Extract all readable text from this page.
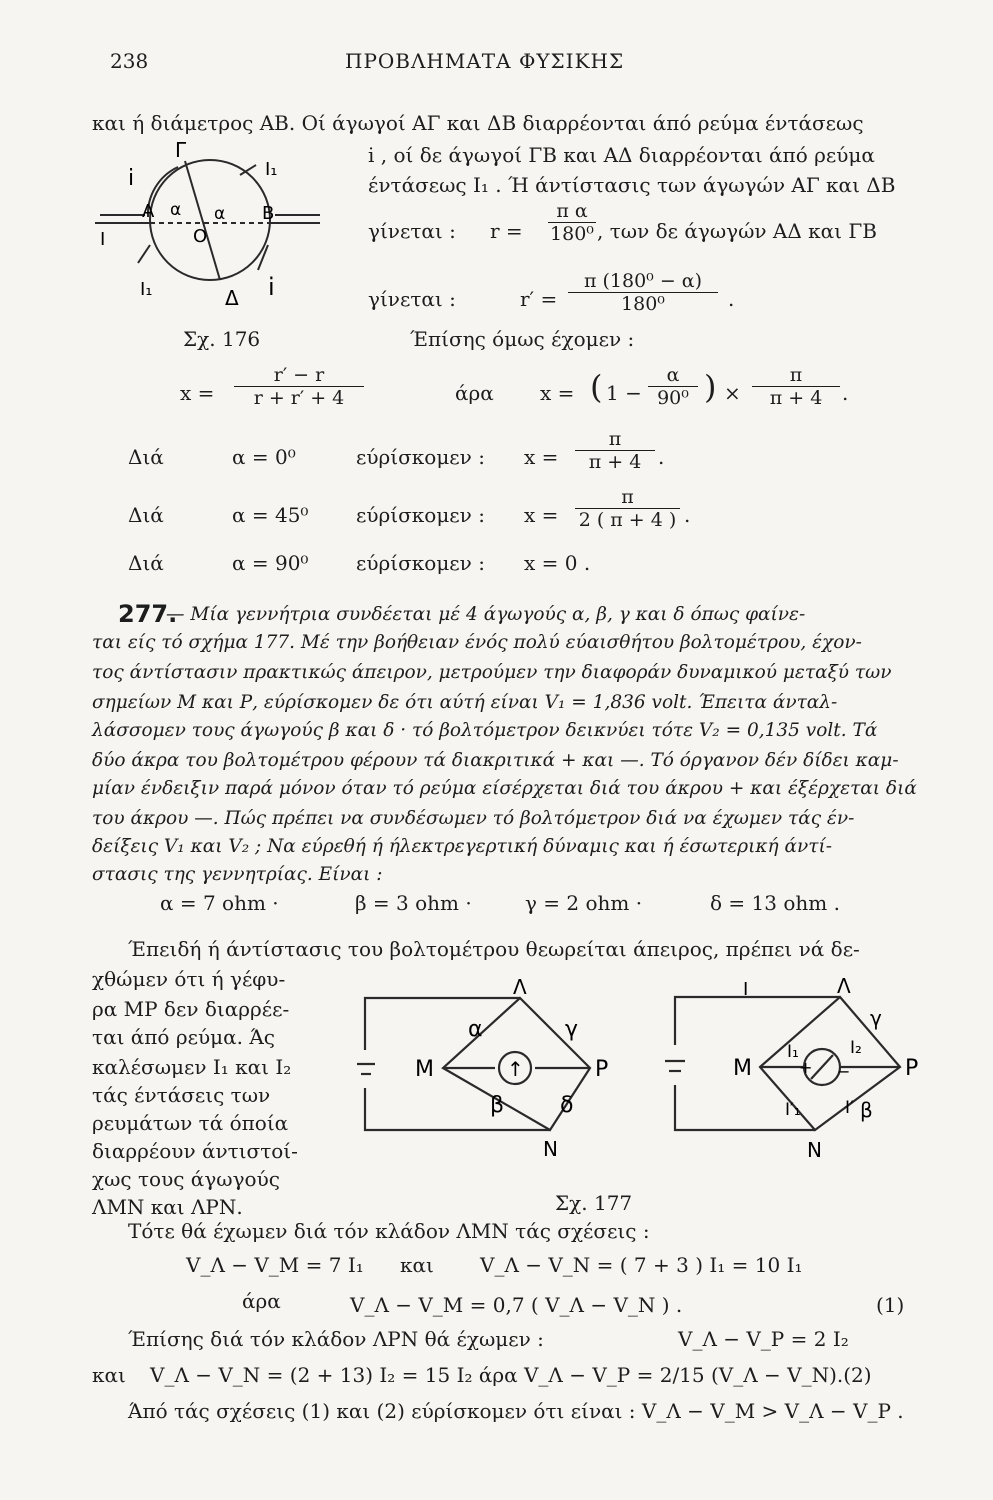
238	ΠΡΟΒΛΗΜΑΤΑ ΦΥΣΙΚΗΣ
και ή διάμετρος ΑΒ. Οί άγωγοί ΑΓ και ΔΒ διαρρέονται άπό ρεύμα έντάσεως
i , οί δε άγωγοί ΓΒ και ΑΔ διαρρέονται άπό ρεύμα
έντάσεως I₁ . Ή άντίστασις των άγωγών ΑΓ και ΔΒ
γίνεται : $r = \frac{\text{π α}}{\text{180⁰}}$ , των δε άγωγών ΑΔ και ΓΒ
γίνεται :	$r' = \frac{\text{π (180⁰ − α)}}{\text{180⁰}}$ .
Σχ. 176	Έπίσης όμως έχομεν :
Γ
Α	Β
Δ
O
α α
i
i
I₁
I₁
I
$x = \frac{r' - r}{r + r' + 4}$	άρα x = ( $1 - \frac{\alpha}{\text{90⁰}}$ ) × $\frac{\pi}{\pi + 4}$ .
Διά	α = 0⁰	εύρίσκομεν : $x = \frac{\pi}{\pi + 4}$ .
Διά	α = 45⁰ εύρίσκομεν : $x = \frac{\pi}{2 ( \pi + 4 )}$ .
Διά	α = 90⁰ εύρίσκομεν : x = 0 .
277.
— Μία γεννήτρια συνδέεται μέ 4 άγωγούς α, β, γ και δ όπως φαίνε-
ται είς τό σχήμα 177. Μέ την βοήθειαν ένός πολύ εύαισθήτου βολτομέτρου, έχον-
τος άντίστασιν πρακτικώς άπειρον, μετρούμεν την διαφοράν δυναμικού μεταξύ των
σημείων Μ και Ρ, εύρίσκομεν δε ότι αύτή είναι V₁ = 1,836 volt. Έπειτα άνταλ-
λάσσομεν τους άγωγούς β και δ · τό βολτόμετρον δεικνύει τότε V₂ = 0,135 volt. Τά
δύο άκρα του βολτομέτρου φέρουν τά διακριτικά + και —. Τό όργανον δέν δίδει καμ-
μίαν ένδειξιν παρά μόνον όταν τό ρεύμα είσέρχεται διά του άκρου + και έξέρχεται διά
του άκρου —. Πώς πρέπει να συνδέσωμεν τό βολτόμετρον διά να έχωμεν τάς έν-
δείξεις V₁ και V₂ ; Να εύρεθή ή ήλεκτρεγερτική δύναμις και ή έσωτερική άντί-
στασις της γεννητρίας. Είναι :
α = 7 ohm ·	β = 3 ohm ·	γ = 2 ohm ·	δ = 13 ohm .
Έπειδή ή άντίστασις του βολτομέτρου θεωρείται άπειρος, πρέπει νά δε-
χθώμεν ότι ή γέφυ-
ρα ΜΡ δεν διαρρέε-
ται άπό ρεύμα. Άς
καλέσωμεν I₁ και I₂
τάς έντάσεις των
ρευμάτων τά όποία
διαρρέουν άντιστοί-
χως τους άγωγούς
ΛΜΝ και ΛΡΝ.
↑
Λ
M	P
N
α	γ
β	δ
I	Λ
M	P
N
γ
β
I₁	I₂
I′₁	I′
+ −
Σχ. 177
Τότε θά έχωμεν διά τόν κλάδον ΛΜΝ τάς σχέσεις :
V_Λ − V_M = 7 I₁ και V_Λ − V_N = ( 7 + 3 ) I₁ = 10 I₁
άρα	V_Λ − V_M = 0,7 ( V_Λ − V_N ) .	(1)
Έπίσης διά τόν κλάδον ΛΡΝ θά έχωμεν :	V_Λ − V_P = 2 I₂
και V_Λ − V_N = (2 + 13) I₂ = 15 I₂ άρα V_Λ − V_P = 2/15 (V_Λ − V_N).(2)
Άπό τάς σχέσεις (1) και (2) εύρίσκομεν ότι είναι : V_Λ − V_M > V_Λ − V_P .
